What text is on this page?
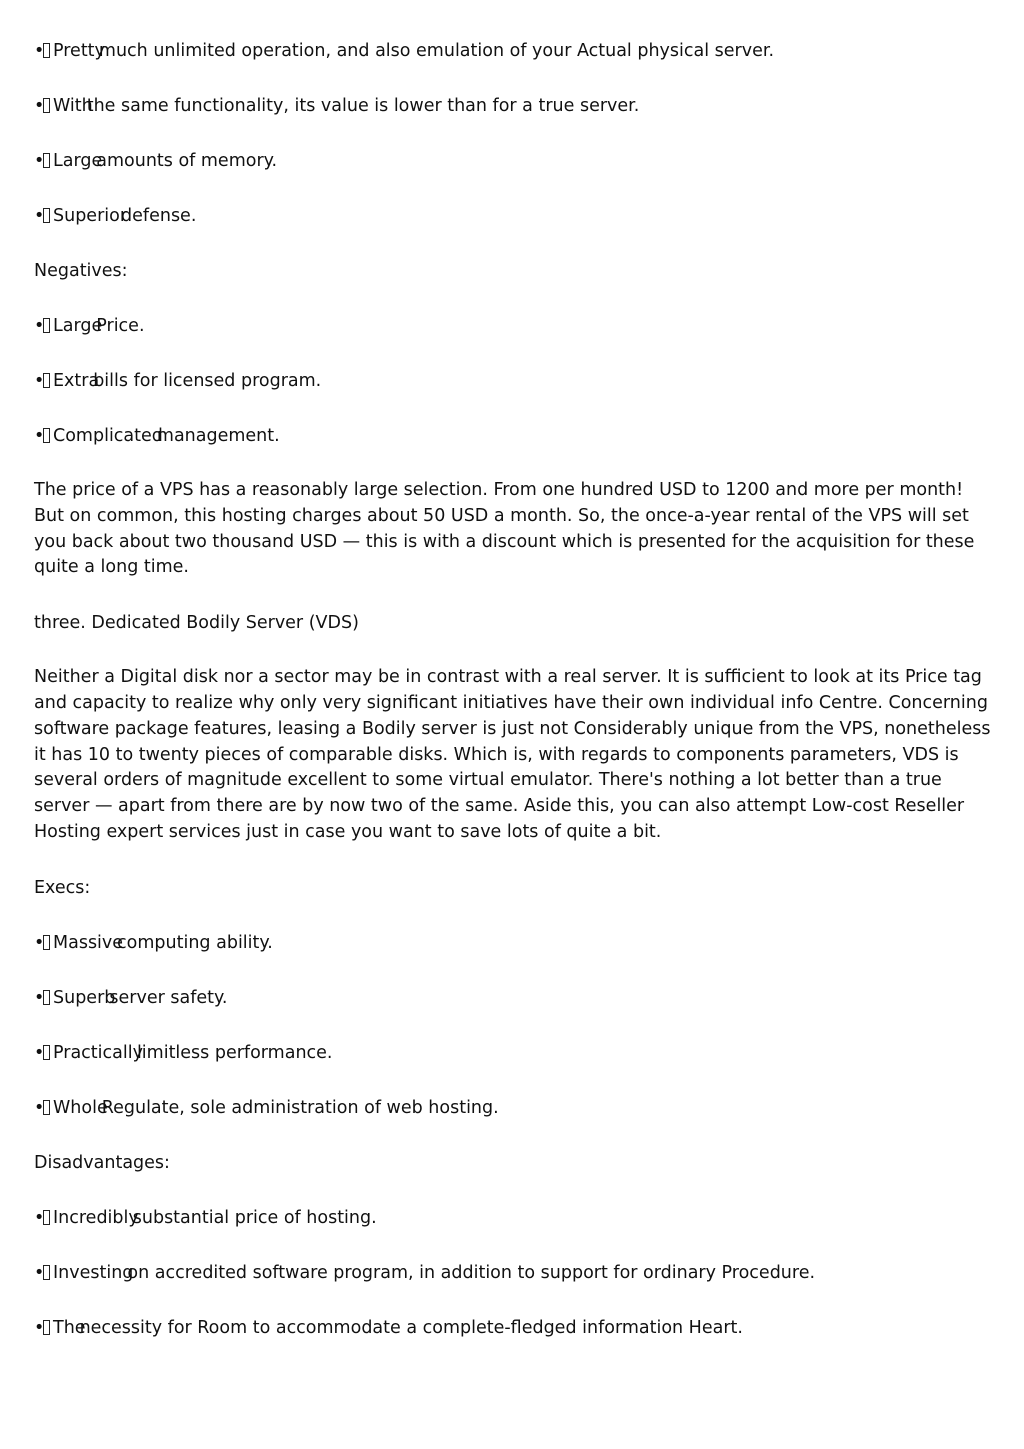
• Pretty
much unlimited operation, and also emulation of your Actual physical server.
• With
the same functionality, its value is lower than for a true server.
• Large
amounts of memory.
• Superior
defense.
Negatives:
• Large
Price.
• Extra
bills for licensed program.
• Complicated
management.

The price of a VPS has a reasonably large selection. From one hundred USD to 1200 and more per month! But on common, this hosting charges about 50 USD a month. So, the once-a-year rental of the VPS will set you back about two thousand USD — this is with a discount which is presented for the acquisition for these quite a long time.

three. Dedicated Bodily Server (VDS)

Neither a Digital disk nor a sector may be in contrast with a real server. It is sufficient to look at its Price tag and capacity to realize why only very significant initiatives have their own individual info Centre. Concerning software package features, leasing a Bodily server is just not Considerably unique from the VPS, nonetheless it has 10 to twenty pieces of comparable disks. Which is, with regards to components parameters, VDS is several orders of magnitude excellent to some virtual emulator. There's nothing a lot better than a true server — apart from there are by now two of the same. Aside this, you can also attempt Low-cost Reseller Hosting expert services just in case you want to save lots of quite a bit.

Execs:
• Massive
computing ability.
• Superb
server safety.
• Practically
limitless performance.
• Whole
Regulate, sole administration of web hosting.
Disadvantages:
• Incredibly
substantial price of hosting.
• Investing
on accredited software program, in addition to support for ordinary Procedure.
• The
necessity for Room to accommodate a complete-fledged information Heart.
